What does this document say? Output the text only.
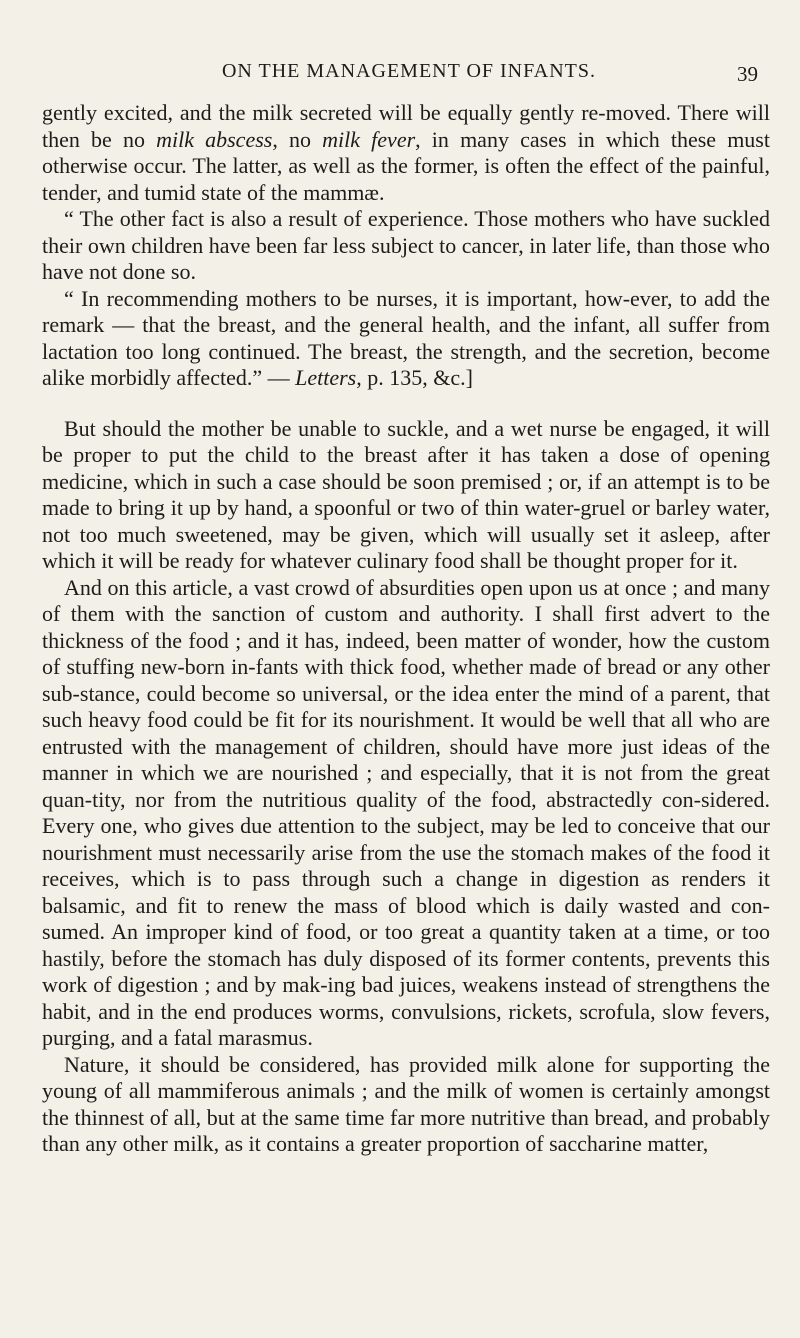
ON THE MANAGEMENT OF INFANTS.	39

gently excited, and the milk secreted will be equally gently re-moved. There will then be no milk abscess, no milk fever, in many cases in which these must otherwise occur. The latter, as well as the former, is often the effect of the painful, tender, and tumid state of the mammæ.

“ The other fact is also a result of experience. Those mothers who have suckled their own children have been far less subject to cancer, in later life, than those who have not done so.

“ In recommending mothers to be nurses, it is important, how-ever, to add the remark — that the breast, and the general health, and the infant, all suffer from lactation too long continued. The breast, the strength, and the secretion, become alike morbidly affected.” — Letters, p. 135, &c.]

But should the mother be unable to suckle, and a wet nurse be engaged, it will be proper to put the child to the breast after it has taken a dose of opening medicine, which in such a case should be soon premised ; or, if an attempt is to be made to bring it up by hand, a spoonful or two of thin water-gruel or barley water, not too much sweetened, may be given, which will usually set it asleep, after which it will be ready for whatever culinary food shall be thought proper for it.

And on this article, a vast crowd of absurdities open upon us at once ; and many of them with the sanction of custom and authority. I shall first advert to the thickness of the food ; and it has, indeed, been matter of wonder, how the custom of stuffing new-born in-fants with thick food, whether made of bread or any other sub-stance, could become so universal, or the idea enter the mind of a parent, that such heavy food could be fit for its nourishment. It would be well that all who are entrusted with the management of children, should have more just ideas of the manner in which we are nourished ; and especially, that it is not from the great quan-tity, nor from the nutritious quality of the food, abstractedly con-sidered. Every one, who gives due attention to the subject, may be led to conceive that our nourishment must necessarily arise from the use the stomach makes of the food it receives, which is to pass through such a change in digestion as renders it balsamic, and fit to renew the mass of blood which is daily wasted and con-sumed. An improper kind of food, or too great a quantity taken at a time, or too hastily, before the stomach has duly disposed of its former contents, prevents this work of digestion ; and by mak-ing bad juices, weakens instead of strengthens the habit, and in the end produces worms, convulsions, rickets, scrofula, slow fevers, purging, and a fatal marasmus.

Nature, it should be considered, has provided milk alone for supporting the young of all mammiferous animals ; and the milk of women is certainly amongst the thinnest of all, but at the same time far more nutritive than bread, and probably than any other milk, as it contains a greater proportion of saccharine matter,
